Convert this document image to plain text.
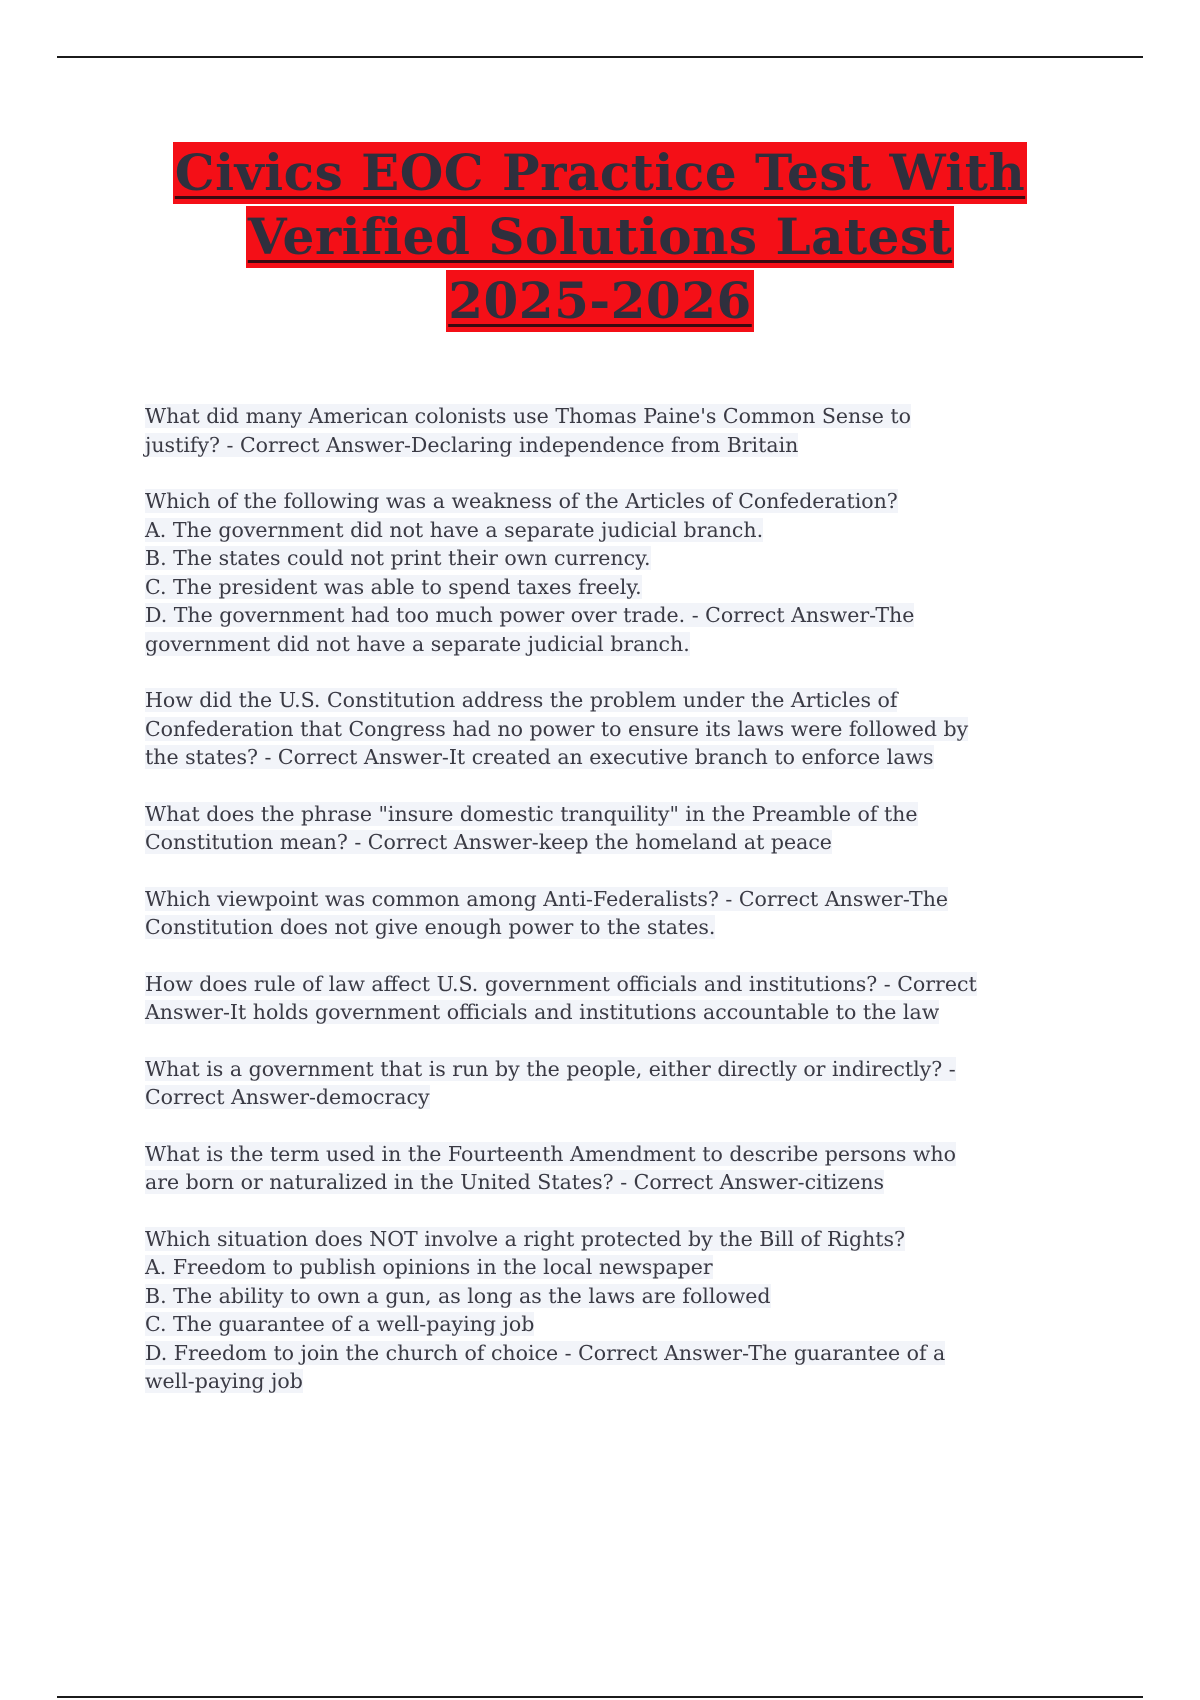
Civics EOC Practice Test With
Verified Solutions Latest
2025-2026
What did many American colonists use Thomas Paine's Common Sense to
justify? - Correct Answer-Declaring independence from Britain
Which of the following was a weakness of the Articles of Confederation?
A. The government did not have a separate judicial branch.
B. The states could not print their own currency.
C. The president was able to spend taxes freely.
D. The government had too much power over trade. - Correct Answer-The
government did not have a separate judicial branch.
How did the U.S. Constitution address the problem under the Articles of
Confederation that Congress had no power to ensure its laws were followed by
the states? - Correct Answer-It created an executive branch to enforce laws
What does the phrase "insure domestic tranquility" in the Preamble of the
Constitution mean? - Correct Answer-keep the homeland at peace
Which viewpoint was common among Anti-Federalists? - Correct Answer-The
Constitution does not give enough power to the states.
How does rule of law affect U.S. government officials and institutions? - Correct
Answer-It holds government officials and institutions accountable to the law
What is a government that is run by the people, either directly or indirectly? -
Correct Answer-democracy
What is the term used in the Fourteenth Amendment to describe persons who
are born or naturalized in the United States? - Correct Answer-citizens
Which situation does NOT involve a right protected by the Bill of Rights?
A. Freedom to publish opinions in the local newspaper
B. The ability to own a gun, as long as the laws are followed
C. The guarantee of a well-paying job
D. Freedom to join the church of choice - Correct Answer-The guarantee of a
well-paying job
